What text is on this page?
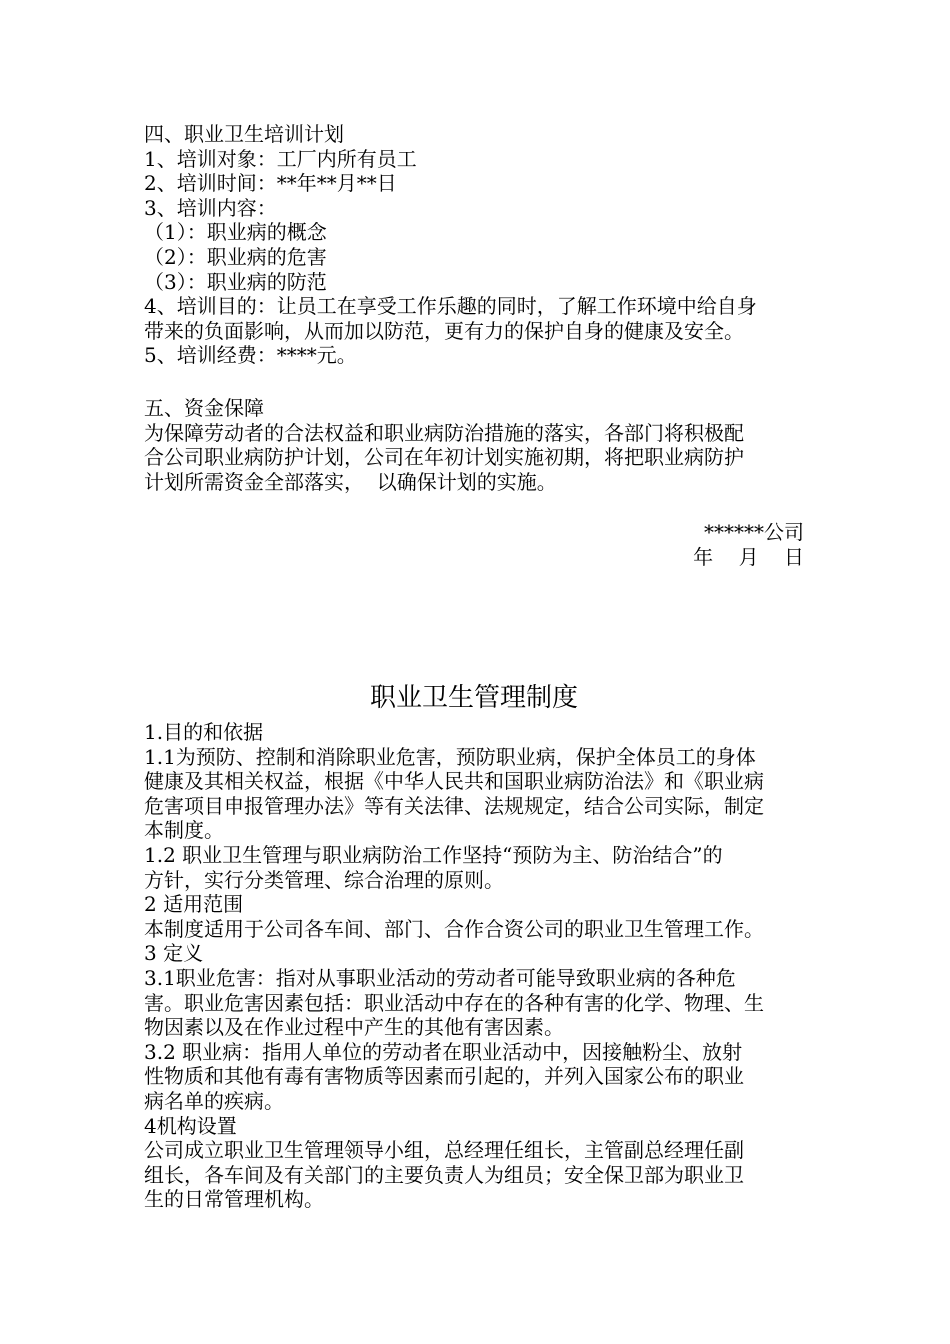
四、职业卫生培训计划
1、培训对象：工厂内所有员工
2、培训时间：**年**月**日
3、培训内容：
（1）：职业病的概念
（2）：职业病的危害
（3）：职业病的防范
4、培训目的：让员工在享受工作乐趣的同时，了解工作环境中给自身
带来的负面影响，从而加以防范，更有力的保护自身的健康及安全。
5、培训经费：****元。
五、资金保障
为保障劳动者的合法权益和职业病防治措施的落实，各部门将积极配
合公司职业病防护计划，公司在年初计划实施初期，将把职业病防护
计划所需资金全部落实，  以确保计划的实施。
******公司
年    月    日
职业卫生管理制度
1.目的和依据
1.1为预防、控制和消除职业危害，预防职业病，保护全体员工的身体
健康及其相关权益，根据《中华人民共和国职业病防治法》和《职业病
危害项目申报管理办法》等有关法律、法规规定，结合公司实际，制定
本制度。
1.2 职业卫生管理与职业病防治工作坚持“预防为主、防治结合”的
方针，实行分类管理、综合治理的原则。
2 适用范围
本制度适用于公司各车间、部门、合作合资公司的职业卫生管理工作。
3 定义
3.1职业危害：指对从事职业活动的劳动者可能导致职业病的各种危
害。职业危害因素包括：职业活动中存在的各种有害的化学、物理、生
物因素以及在作业过程中产生的其他有害因素。
3.2 职业病：指用人单位的劳动者在职业活动中，因接触粉尘、放射
性物质和其他有毒有害物质等因素而引起的，并列入国家公布的职业
病名单的疾病。
4机构设置
公司成立职业卫生管理领导小组，总经理任组长，主管副总经理任副
组长，各车间及有关部门的主要负责人为组员；安全保卫部为职业卫
生的日常管理机构。
